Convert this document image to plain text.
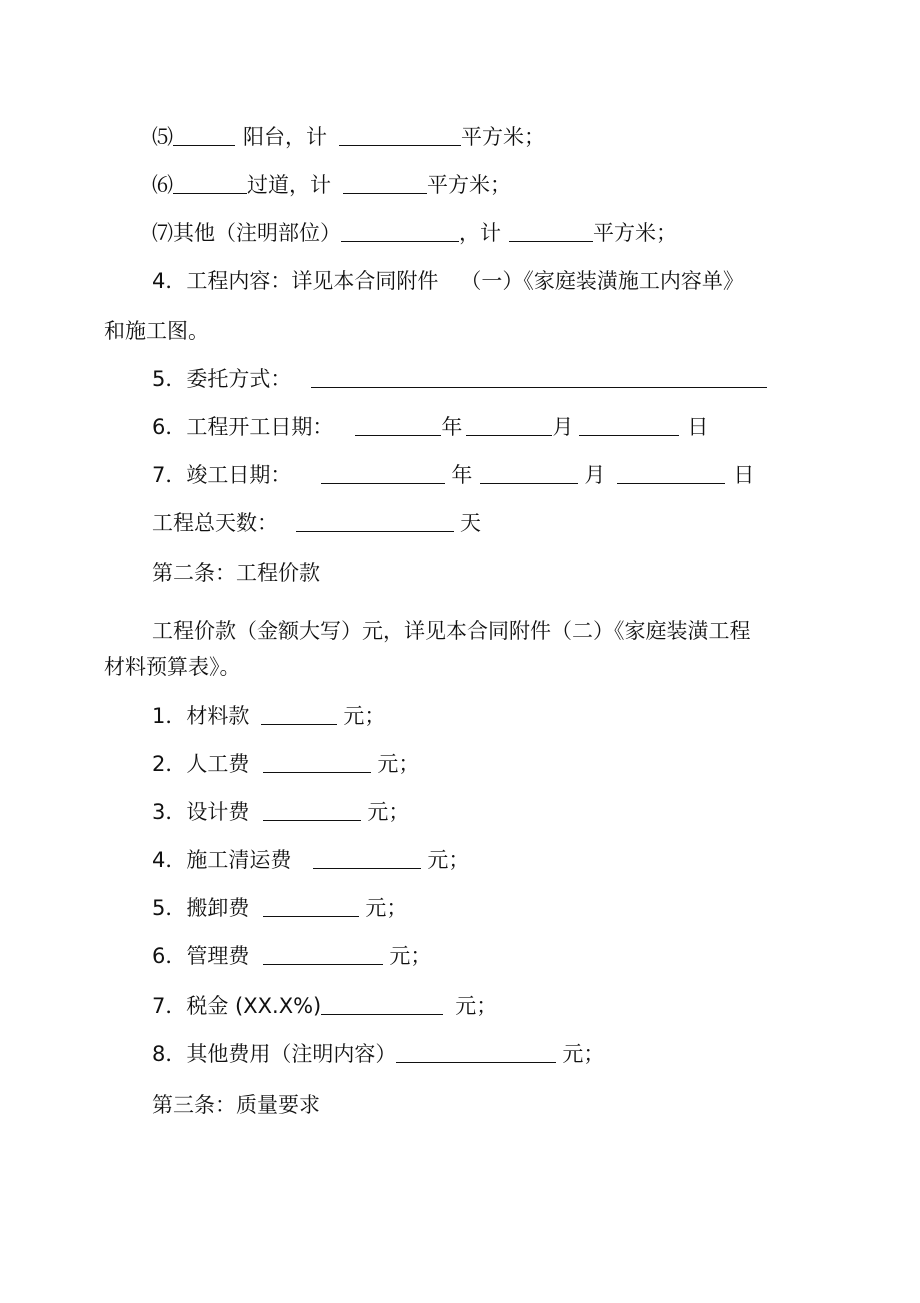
⑸	阳台，计	平方米；
⑹	过道，计	平方米；
⑺其他（注明部位）	，计	平方米；
4．工程内容：详见本合同附件 （一）《家庭装潢施工内容单》
和施工图。
5．委托方式：
6．工程开工日期：	年	月	日
7．竣工日期：	年	月	日
工程总天数：	天
第二条：工程价款
工程价款（金额大写）元，详见本合同附件（二）《家庭装潢工程
材料预算表》。
1．材料款	元；
2．人工费	元；
3．设计费	元；
4．施工清运费	元；
5．搬卸费	元；
6．管理费	元；
7．税金 (XX.X%)	元；
8．其他费用（注明内容）	元；
第三条：质量要求
